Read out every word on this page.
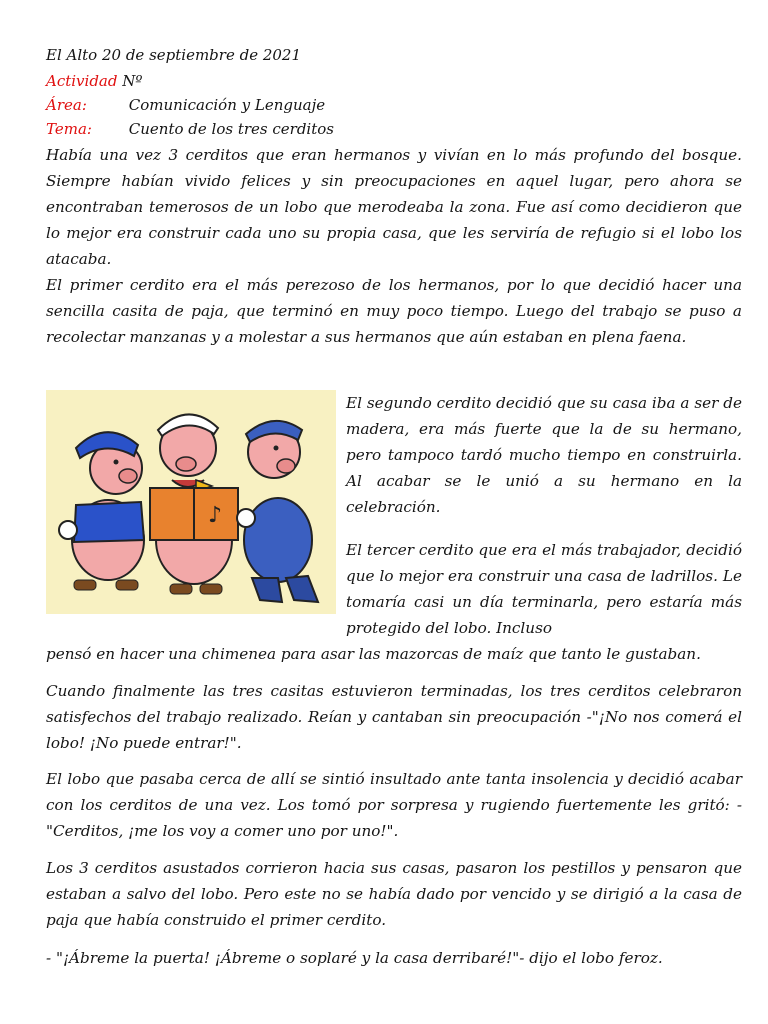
El Alto 20 de septiembre de 2021
Actividad Nº
Área:	Comunicación y Lenguaje
Tema: Cuento de los tres cerditos

Había una vez 3 cerditos que eran hermanos y vivían en lo más profundo del bosque. Siempre habían vivido felices y sin preocupaciones en aquel lugar, pero ahora se encontraban temerosos de un lobo que merodeaba la zona. Fue así como decidieron que lo mejor era construir cada uno su propia casa, que les serviría de refugio si el lobo los atacaba.

El primer cerdito era el más perezoso de los hermanos, por lo que decidió hacer una sencilla casita de paja, que terminó en muy poco tiempo. Luego del trabajo se puso a recolectar manzanas y a molestar a sus hermanos que aún estaban en plena faena.

♪

El segundo cerdito decidió que su casa iba a ser de madera, era más fuerte que la de su hermano, pero tampoco tardó mucho tiempo en construirla. Al acabar se le unió a su hermano en la celebración.

El tercer cerdito que era el más trabajador, decidió que lo mejor era construir una casa de ladrillos. Le tomaría casi un día terminarla, pero estaría más protegido del lobo. Incluso

pensó en hacer una chimenea para asar las mazorcas de maíz que tanto le gustaban.

Cuando finalmente las tres casitas estuvieron terminadas, los tres cerditos celebraron satisfechos del trabajo realizado. Reían y cantaban sin preocupación -"¡No nos comerá el lobo! ¡No puede entrar!".

El lobo que pasaba cerca de allí se sintió insultado ante tanta insolencia y decidió acabar con los cerditos de una vez. Los tomó por sorpresa y rugiendo fuertemente les gritó: -"Cerditos, ¡me los voy a comer uno por uno!".

Los 3 cerditos asustados corrieron hacia sus casas, pasaron los pestillos y pensaron que estaban a salvo del lobo. Pero este no se había dado por vencido y se dirigió a la casa de paja que había construido el primer cerdito.

- "¡Ábreme la puerta! ¡Ábreme o soplaré y la casa derribaré!"- dijo el lobo feroz.
